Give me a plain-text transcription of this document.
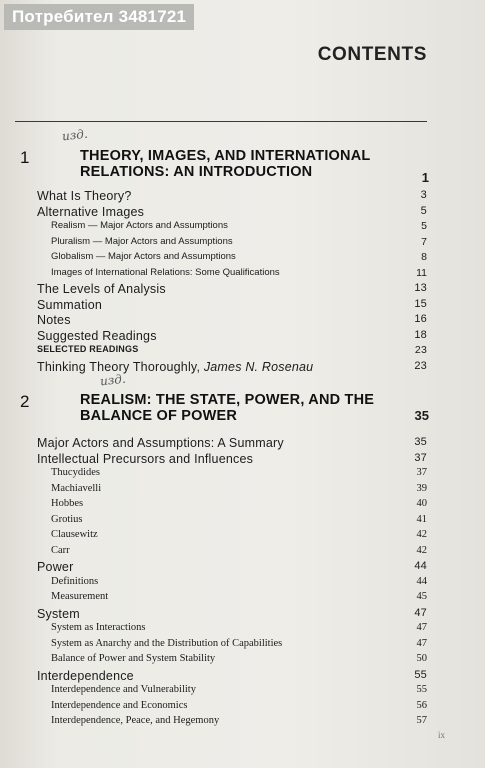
Потребител 3481721
CONTENTS
изд.
1	THEORY, IMAGES, AND INTERNATIONAL RELATIONS: AN INTRODUCTION	1
What Is Theory?	3
Alternative Images	5
Realism — Major Actors and Assumptions	5
Pluralism — Major Actors and Assumptions	7
Globalism — Major Actors and Assumptions	8
Images of International Relations: Some Qualifications	11
The Levels of Analysis	13
Summation	15
Notes	16
Suggested Readings	18
SELECTED READINGS	23
Thinking Theory Thoroughly, James N. Rosenau	23
изд.
2	REALISM: THE STATE, POWER, AND THE BALANCE OF POWER	35
Major Actors and Assumptions: A Summary	35
Intellectual Precursors and Influences	37
Thucydides	37
Machiavelli	39
Hobbes	40
Grotius	41
Clausewitz	42
Carr	42
Power	44
Definitions	44
Measurement	45
System	47
System as Interactions	47
System as Anarchy and the Distribution of Capabilities	47
Balance of Power and System Stability	50
Interdependence	55
Interdependence and Vulnerability	55
Interdependence and Economics	56
Interdependence, Peace, and Hegemony	57
ix
